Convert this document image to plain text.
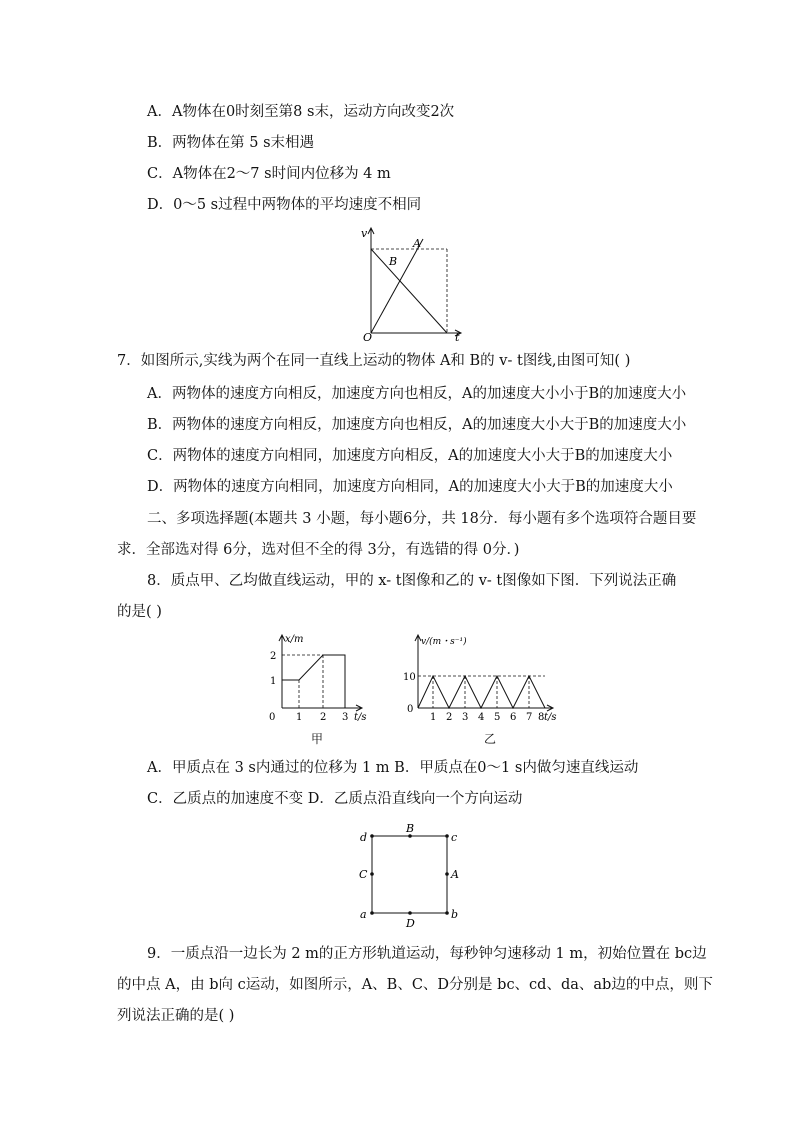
A．A物体在0时刻至第8 s末，运动方向改变2次
B．两物体在第 5 s末相遇
C．A物体在2～7 s时间内位移为 4 m
D．0～5 s过程中两物体的平均速度不相同
v
t
O
A
B
7．如图所示,实线为两个在同一直线上运动的物体 A和 B的 v- t图线,由图可知( )
A．两物体的速度方向相反，加速度方向也相反，A的加速度大小小于B的加速度大小
B．两物体的速度方向相反，加速度方向也相反，A的加速度大小大于B的加速度大小
C．两物体的速度方向相同，加速度方向相反，A的加速度大小大于B的加速度大小
D．两物体的速度方向相同，加速度方向相同，A的加速度大小大于B的加速度大小
二、多项选择题(本题共 3 小题，每小题6分，共 18分．每小题有多个选项符合题目要
求．全部选对得 6分，选对但不全的得 3分，有选错的得 0分．)
8．质点甲、乙均做直线运动，甲的 x- t图像和乙的 v- t图像如下图．下列说法正确
的是( )
x/m
t/s
0 1 2 3
1
2
甲
v/(m・s⁻¹)
t/s
0
10
1 2 3 4 5 6 7 8
乙
A．甲质点在 3 s内通过的位移为 1 m B．甲质点在0～1 s内做匀速直线运动
C．乙质点的加速度不变 D．乙质点沿直线向一个方向运动
d	c
a	b
B
D
C	A
9．一质点沿一边长为 2 m的正方形轨道运动，每秒钟匀速移动 1 m，初始位置在 bc边
的中点 A，由 b向 c运动，如图所示，A、B、C、D分别是 bc、cd、da、ab边的中点，则下
列说法正确的是( )
